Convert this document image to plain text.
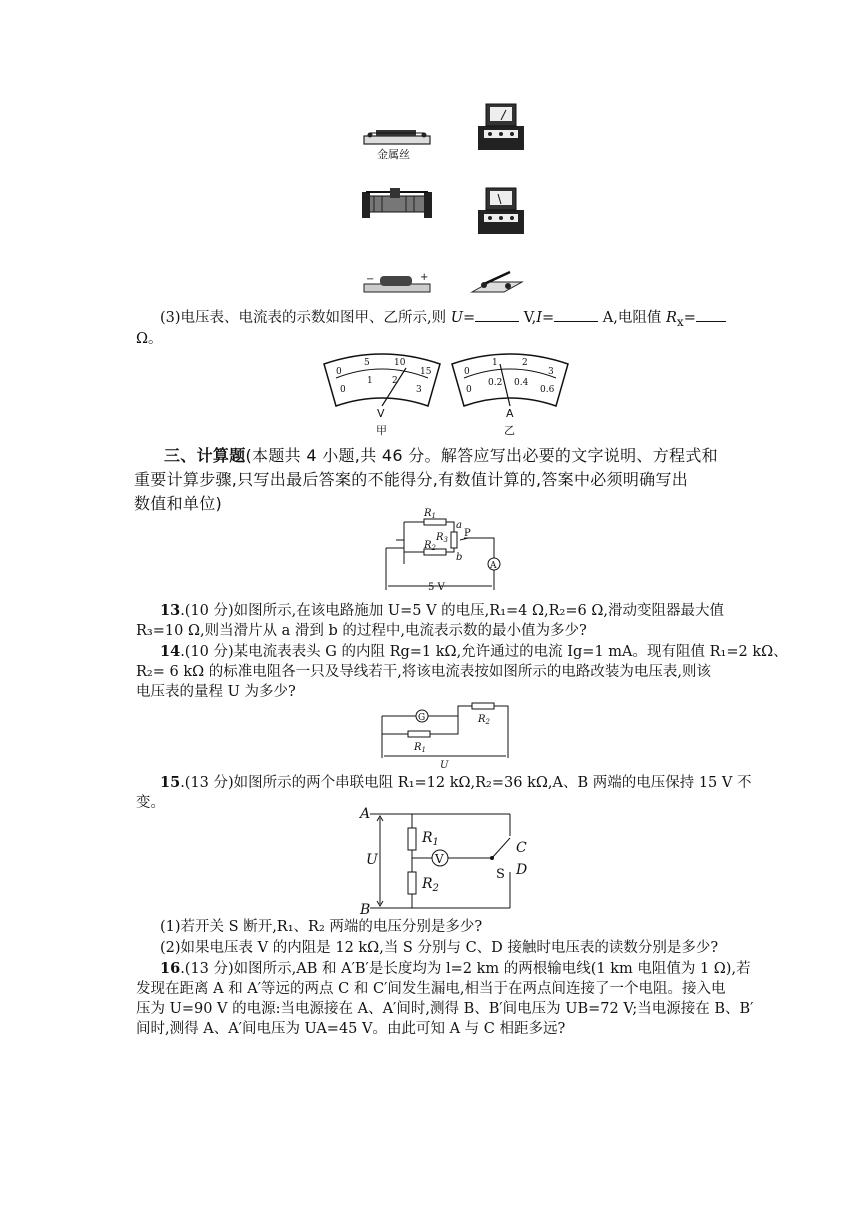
金属丝
−	+
(3)电压表、电流表的示数如图甲、乙所示,则 U=	V,I=	A,电阻值 $R_x=$
Ω。
0
5	10
15
0
1 2
3
V
甲
0
1	2
3
0
0.2 0.4
0.6
A
乙
三、计算题(本题共 4 小题,共 46 分。解答应写出必要的文字说明、方程式和
重要计算步骤,只写出最后答案的不能得分,有数值计算的,答案中必须明确写出
数值和单位)
$R_1$
$R_2$
$R_3$
a
b
P
A
5 V
13.(10 分)如图所示,在该电路施加 U=5 V 的电压,R₁=4 Ω,R₂=6 Ω,滑动变阻器最大值
R₃=10 Ω,则当滑片从 a 滑到 b 的过程中,电流表示数的最小值为多少?
14.(10 分)某电流表表头 G 的内阻 Rg=1 kΩ,允许通过的电流 Ig=1 mA。现有阻值 R₁=2 kΩ、
R₂= 6 kΩ 的标准电阻各一只及导线若干,将该电流表按如图所示的电路改装为电压表,则该
电压表的量程 U 为多少?
G	$R_2$
$R_1$
U
15.(13 分)如图所示的两个串联电阻 R₁=12 kΩ,R₂=36 kΩ,A、B 两端的电压保持 15 V 不
变。
A
B
U
$R_1$
$R_2$
V
C
D
S
(1)若开关 S 断开,R₁、R₂ 两端的电压分别是多少?
(2)如果电压表 V 的内阻是 12 kΩ,当 S 分别与 C、D 接触时电压表的读数分别是多少?
16.(13 分)如图所示,AB 和 A′B′是长度均为 l=2 km 的两根输电线(1 km 电阻值为 1 Ω),若
发现在距离 A 和 A′等远的两点 C 和 C′间发生漏电,相当于在两点间连接了一个电阻。接入电
压为 U=90 V 的电源:当电源接在 A、A′间时,测得 B、B′间电压为 UB=72 V;当电源接在 B、B′
间时,测得 A、A′间电压为 UA=45 V。由此可知 A 与 C 相距多远?
